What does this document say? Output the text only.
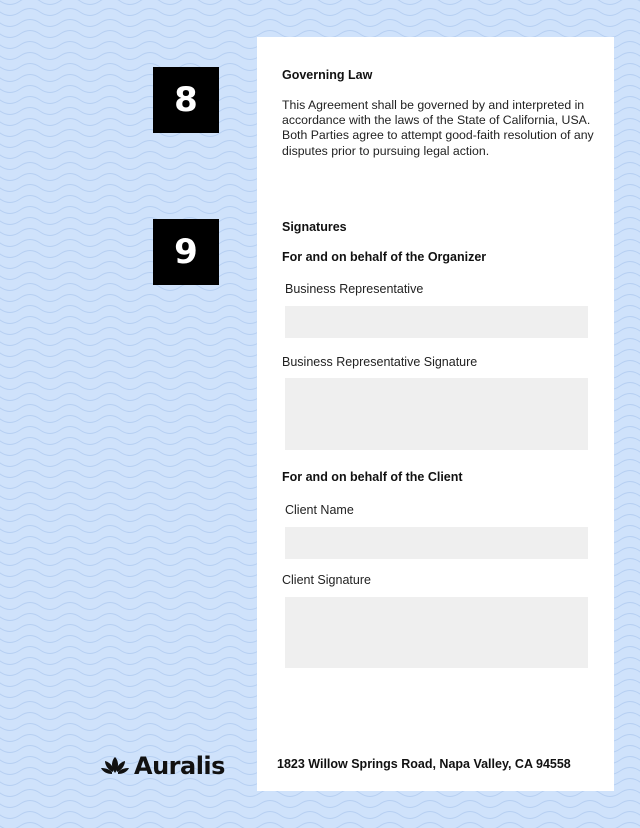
8
9
Governing Law
This Agreement shall be governed by and interpreted in accordance with the laws of the State of California, USA. Both Parties agree to attempt good-faith resolution of any disputes prior to pursuing legal action.
Signatures
For and on behalf of the Organizer
Business Representative
Business Representative Signature
For and on behalf of the Client
Client Name
Client Signature
1823 Willow Springs Road, Napa Valley, CA 94558
Auralis
